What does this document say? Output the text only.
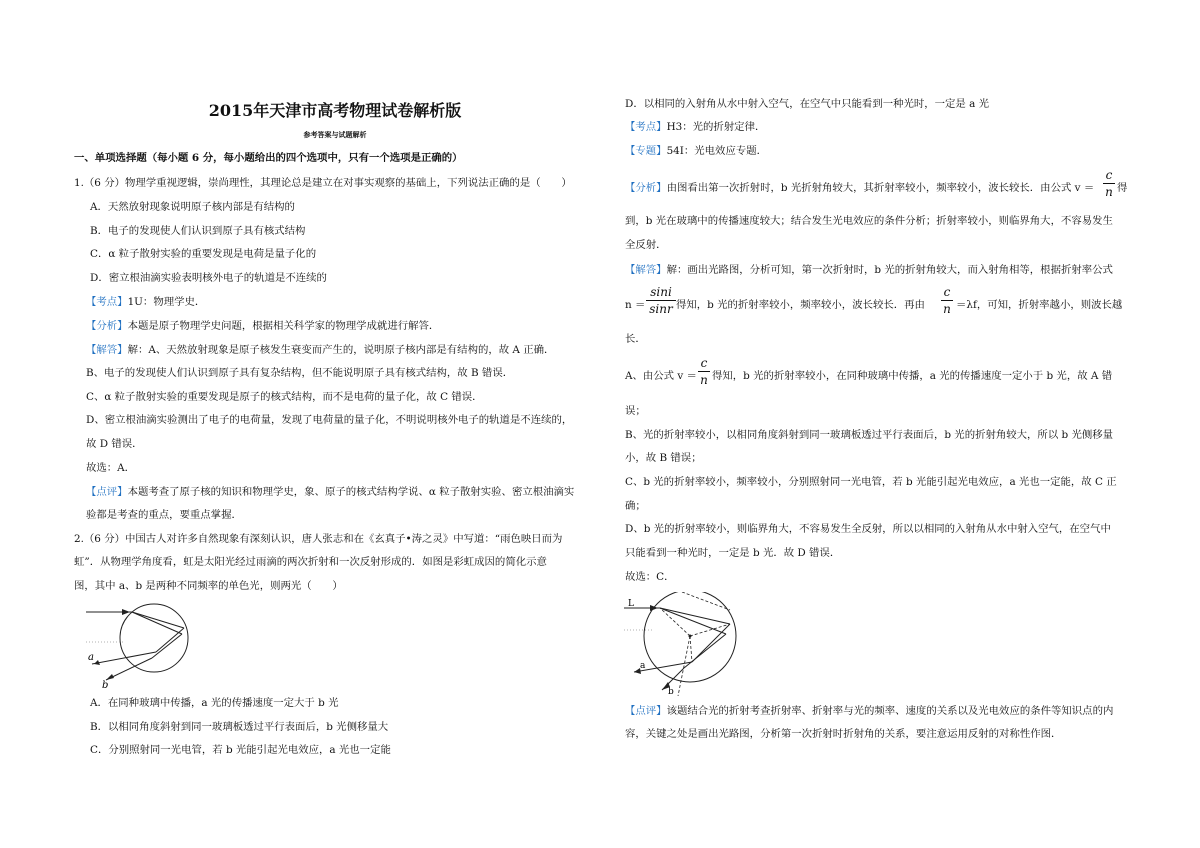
2015年天津市高考物理试卷解析版
参考答案与试题解析
一、单项选择题（每小题 6 分，每小题给出的四个选项中，只有一个选项是正确的）
1.（6 分）物理学重视逻辑，崇尚理性，其理论总是建立在对事实观察的基础上，下列说法正确的是（　　）
A．天然放射现象说明原子核内部是有结构的
B．电子的发现使人们认识到原子具有核式结构
C．α 粒子散射实验的重要发现是电荷是量子化的
D．密立根油滴实验表明核外电子的轨道是不连续的
【考点】1U：物理学史．
【分析】本题是原子物理学史问题，根据相关科学家的物理学成就进行解答．
【解答】解：A、天然放射现象是原子核发生衰变而产生的，说明原子核内部是有结构的，故 A 正确．
B、电子的发现使人们认识到原子具有复杂结构，但不能说明原子具有核式结构，故 B 错误．
C、α 粒子散射实验的重要发现是原子的核式结构，而不是电荷的量子化，故 C 错误．
D、密立根油滴实验测出了电子的电荷量，发现了电荷量的量子化，不明说明核外电子的轨道是不连续的，
故 D 错误．
故选：A．
【点评】本题考查了原子核的知识和物理学史，象、原子的核式结构学说、α 粒子散射实验、密立根油滴实
验都是考查的重点，要重点掌握．
2.（6 分）中国古人对许多自然现象有深刻认识，唐人张志和在《玄真子•涛之灵》中写道：“雨色映日而为
虹”．从物理学角度看，虹是太阳光经过雨滴的两次折射和一次反射形成的．如图是彩虹成因的简化示意
图，其中 a、b 是两种不同频率的单色光，则两光（　　）
a
b
A．在同种玻璃中传播，a 光的传播速度一定大于 b 光
B．以相同角度斜射到同一玻璃板透过平行表面后，b 光侧移量大
C．分别照射同一光电管，若 b 光能引起光电效应，a 光也一定能
D．以相同的入射角从水中射入空气，在空气中只能看到一种光时，一定是 a 光
【考点】H3：光的折射定律．
【专题】54I：光电效应专题．
【分析】由图看出第一次折射时，b 光折射角较大，其折射率较小，频率较小，波长较长．由公式 v ＝
c
n 得
到，b 光在玻璃中的传播速度较大；结合发生光电效应的条件分析；折射率较小，则临界角大，不容易发生
全反射．
【解答】解：画出光路图，分析可知，第一次折射时，b 光的折射角较大，而入射角相等，根据折射率公式
n ＝
sini
sinr 得知，b 光的折射率较小，频率较小，波长较长．再由
c
n ＝λf，可知，折射率越小，则波长越
长．
A、由公式 v ＝
c
n 得知，b 光的折射率较小，在同种玻璃中传播，a 光的传播速度一定小于 b 光，故 A 错
误；
B、光的折射率较小，以相同角度斜射到同一玻璃板透过平行表面后，b 光的折射角较大，所以 b 光侧移量
小，故 B 错误；
C、b 光的折射率较小，频率较小，分别照射同一光电管，若 b 光能引起光电效应，a 光也一定能，故 C 正
确；
D、b 光的折射率较小，则临界角大，不容易发生全反射，所以以相同的入射角从水中射入空气，在空气中
只能看到一种光时，一定是 b 光．故 D 错误．
故选：C．
L
a
b
【点评】该题结合光的折射考查折射率、折射率与光的频率、速度的关系以及光电效应的条件等知识点的内
容，关键之处是画出光路图，分析第一次折射时折射角的关系，要注意运用反射的对称性作图．
